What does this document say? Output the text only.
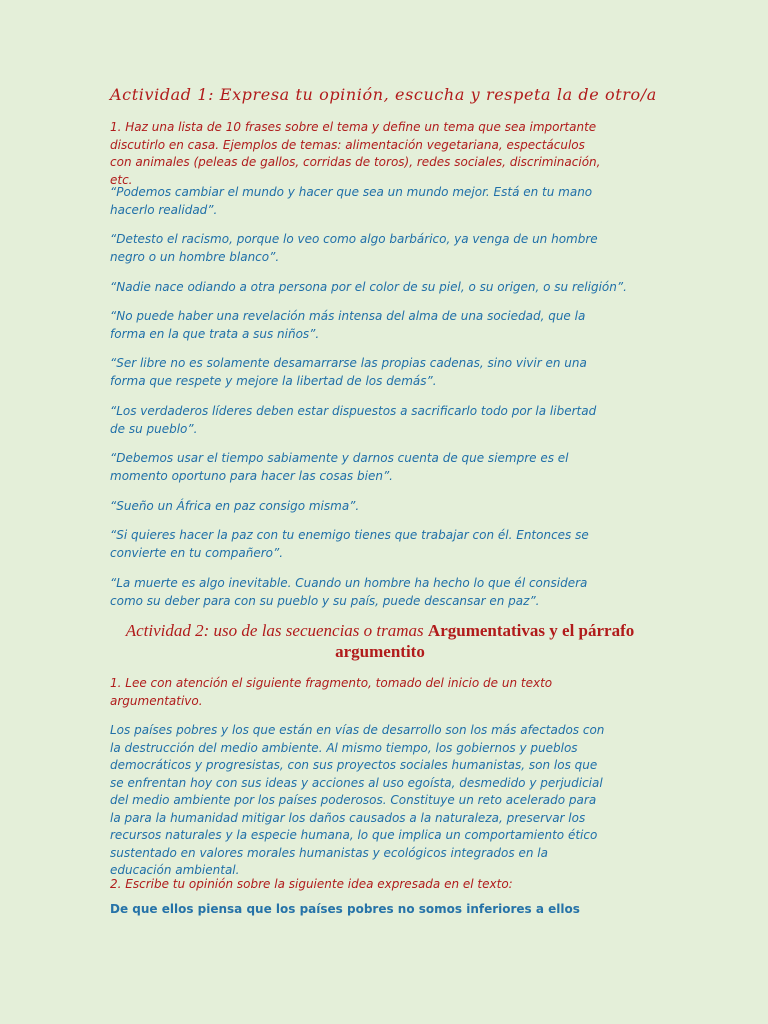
Actividad 1: Expresa tu opinión, escucha y respeta la de otro/a
1. Haz una lista de 10 frases sobre el tema y define un tema que sea importante discutirlo en casa. Ejemplos de temas: alimentación vegetariana, espectáculos con animales (peleas de gallos, corridas de toros), redes sociales, discriminación, etc.
“Podemos cambiar el mundo y hacer que sea un mundo mejor. Está en tu mano hacerlo realidad”.
“Detesto el racismo, porque lo veo como algo barbárico, ya venga de un hombre negro o un hombre blanco”.
“Nadie nace odiando a otra persona por el color de su piel, o su origen, o su religión”.
“No puede haber una revelación más intensa del alma de una sociedad, que la forma en la que trata a sus niños”.
“Ser libre no es solamente desamarrarse las propias cadenas, sino vivir en una forma que respete y mejore la libertad de los demás”.
“Los verdaderos líderes deben estar dispuestos a sacrificarlo todo por la libertad de su pueblo”.
“Debemos usar el tiempo sabiamente y darnos cuenta de que siempre es el momento oportuno para hacer las cosas bien”.
“Sueño un África en paz consigo misma”.
“Si quieres hacer la paz con tu enemigo tienes que trabajar con él. Entonces se convierte en tu compañero”.
“La muerte es algo inevitable. Cuando un hombre ha hecho lo que él considera como su deber para con su pueblo y su país, puede descansar en paz”.
Actividad 2: uso de las secuencias o tramas Argumentativas y el párrafo argumentito
1. Lee con atención el siguiente fragmento, tomado del inicio de un texto argumentativo.
Los países pobres y los que están en vías de desarrollo son los más afectados con la destrucción del medio ambiente. Al mismo tiempo, los gobiernos y pueblos democráticos y progresistas, con sus proyectos sociales humanistas, son los que se enfrentan hoy con sus ideas y acciones al uso egoísta, desmedido y perjudicial del medio ambiente por los países poderosos. Constituye un reto acelerado para la para la humanidad mitigar los daños causados a la naturaleza, preservar los recursos naturales y la especie humana, lo que implica un comportamiento ético sustentado en valores morales humanistas y ecológicos integrados en la educación ambiental.
2. Escribe tu opinión sobre la siguiente idea expresada en el texto:
De que ellos piensa que los países pobres no somos inferiores a ellos
